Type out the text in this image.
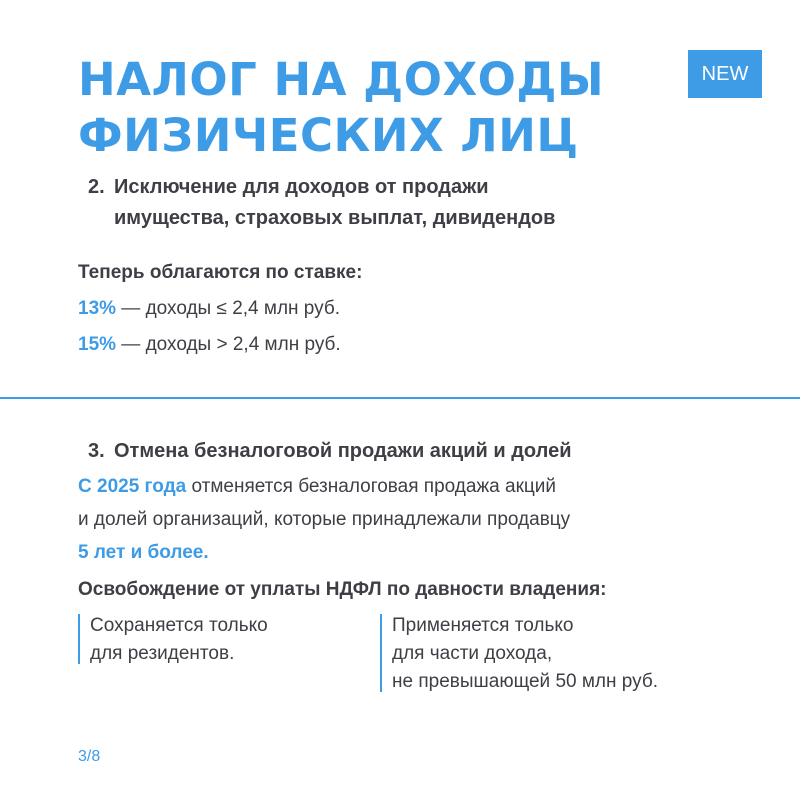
НАЛОГ НА ДОХОДЫ
ФИЗИЧЕСКИХ ЛИЦ
NEW
2. Исключение для доходов от продажи
имущества, страховых выплат, дивидендов
Теперь облагаются по ставке:
13% — доходы ≤ 2,4 млн руб.
15% — доходы > 2,4 млн руб.
3. Отмена безналоговой продажи акций и долей
С 2025 года отменяется безналоговая продажа акций
и долей организаций, которые принадлежали продавцу
5 лет и более.
Освобождение от уплаты НДФЛ по давности владения:
Сохраняется только
для резидентов.
Применяется только
для части дохода,
не превышающей 50 млн руб.
3/8
